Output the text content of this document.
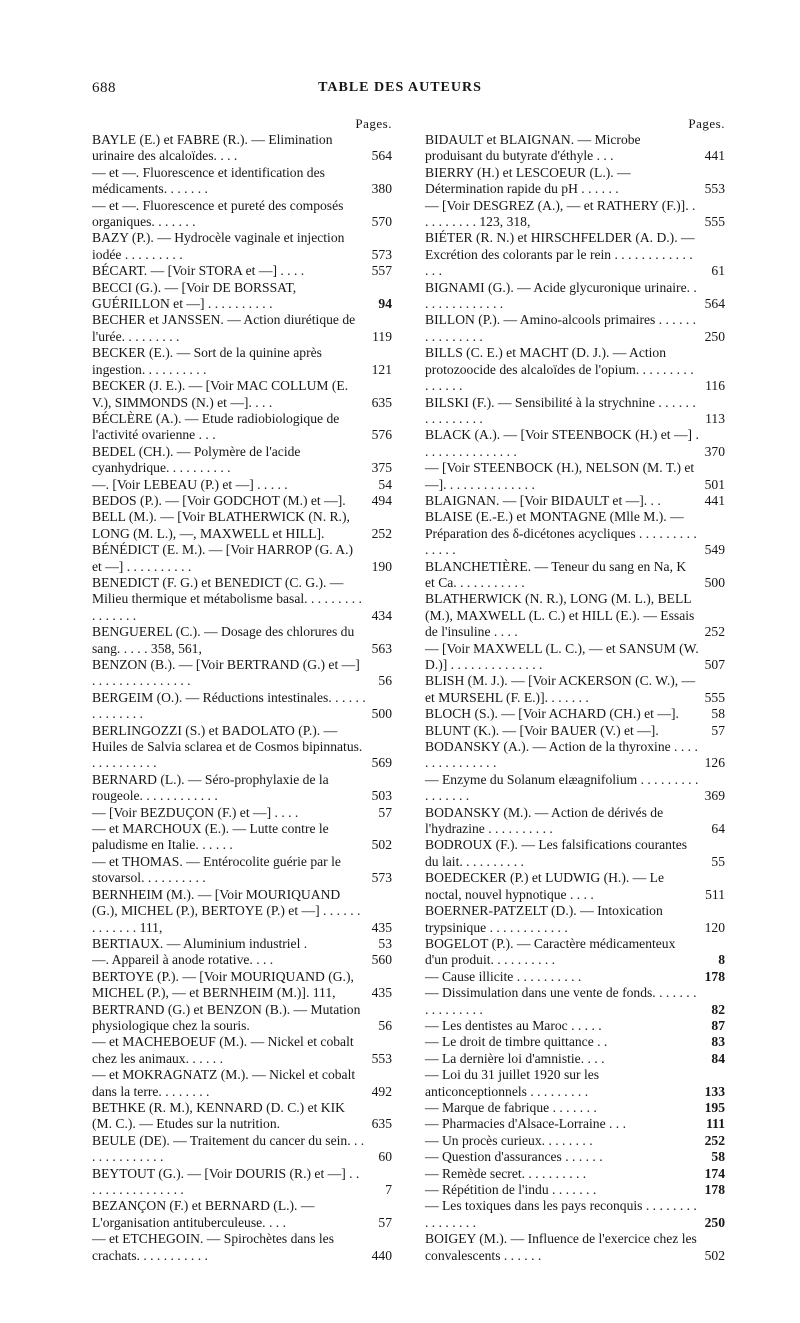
688	TABLE DES AUTEURS
Pages.
BAYLE (E.) et FABRE (R.). — Elimination urinaire des alcaloïdes. . . .	564
— et —. Fluorescence et identification des médicaments. . . . . . .	380
— et —. Fluorescence et pureté des composés organiques. . . . . . .	570
BAZY (P.). — Hydrocèle vaginale et injection iodée . . . . . . . . .	573
BÉCART. — [Voir STORA et —] . . . .	557
BECCI (G.). — [Voir DE BORSSAT, GUÉRILLON et —] . . . . . . . . . .	94
BECHER et JANSSEN. — Action diurétique de l'urée. . . . . . . . .	119
BECKER (E.). — Sort de la quinine après ingestion. . . . . . . . . .	121
BECKER (J. E.). — [Voir MAC COLLUM (E. V.), SIMMONDS (N.) et —]. . . .	635
BÉCLÈRE (A.). — Etude radiobiologique de l'activité ovarienne . . .	576
BEDEL (CH.). — Polymère de l'acide cyanhydrique. . . . . . . . . .	375
—. [Voir LEBEAU (P.) et —] . . . . .	54
BEDOS (P.). — [Voir GODCHOT (M.) et —].	494
BELL (M.). — [Voir BLATHERWICK (N. R.), LONG (M. L.), —, MAXWELL et HILL].	252
BÉNÉDICT (E. M.). — [Voir HARROP (G. A.) et —] . . . . . . . . . .	190
BENEDICT (F. G.) et BENEDICT (C. G.). — Milieu thermique et métabolisme basal. . . . . . . . . . . . . . . .	434
BENGUEREL (C.). — Dosage des chlorures du sang. . . . . 358, 561,	563
BENZON (B.). — [Voir BERTRAND (G.) et —] . . . . . . . . . . . . . . .	56
BERGEIM (O.). — Réductions intestinales. . . . . . . . . . . . . .	500
BERLINGOZZI (S.) et BADOLATO (P.). — Huiles de Salvia sclarea et de Cosmos bipinnatus. . . . . . . . . . .	569
BERNARD (L.). — Séro-prophylaxie de la rougeole. . . . . . . . . . . .	503
— [Voir BEZDUÇON (F.) et —] . . . .	57
— et MARCHOUX (E.). — Lutte contre le paludisme en Italie. . . . . .	502
— et THOMAS. — Entérocolite guérie par le stovarsol. . . . . . . . . .	573
BERNHEIM (M.). — [Voir MOURIQUAND (G.), MICHEL (P.), BERTOYE (P.) et —] . . . . . . . . . . . . . 111,	435
BERTIAUX. — Aluminium industriel .	53
—. Appareil à anode rotative. . . .	560
BERTOYE (P.). — [Voir MOURIQUAND (G.), MICHEL (P.), — et BERNHEIM (M.)]. 111,	435
BERTRAND (G.) et BENZON (B.). — Mutation physiologique chez la souris.	56
— et MACHEBOEUF (M.). — Nickel et cobalt chez les animaux. . . . . .	553
— et MOKRAGNATZ (M.). — Nickel et cobalt dans la terre. . . . . . . .	492
BETHKE (R. M.), KENNARD (D. C.) et KIK (M. C.). — Etudes sur la nutrition.	635
BEULE (DE). — Traitement du cancer du sein. . . . . . . . . . . . . .	60
BEYTOUT (G.). — [Voir DOURIS (R.) et —] . . . . . . . . . . . . . . . .	7
BEZANÇON (F.) et BERNARD (L.). — L'organisation antituberculeuse. . . .	57
— et ETCHEGOIN. — Spirochètes dans les crachats. . . . . . . . . . .	440
Pages.
BIDAULT et BLAIGNAN. — Microbe produisant du butyrate d'éthyle . . .	441
BIERRY (H.) et LESCOEUR (L.). — Détermination rapide du pH . . . . . .	553
— [Voir DESGREZ (A.), — et RATHERY (F.)]. . . . . . . . . . 123, 318,	555
BIÉTER (R. N.) et HIRSCHFELDER (A. D.). — Excrétion des colorants par le rein . . . . . . . . . . . . . . .	61
BIGNAMI (G.). — Acide glycuronique urinaire. . . . . . . . . . . . . .	564
BILLON (P.). — Amino-alcools primaires . . . . . . . . . . . . . . .	250
BILLS (C. E.) et MACHT (D. J.). — Action protozoocide des alcaloïdes de l'opium. . . . . . . . . . . . . . .	116
BILSKI (F.). — Sensibilité à la strychnine . . . . . . . . . . . . . . .	113
BLACK (A.). — [Voir STEENBOCK (H.) et —] . . . . . . . . . . . . . . .	370
— [Voir STEENBOCK (H.), NELSON (M. T.) et —]. . . . . . . . . . . . . .	501
BLAIGNAN. — [Voir BIDAULT et —]. . .	441
BLAISE (E.-E.) et MONTAGNE (Mlle M.). — Préparation des δ-dicétones acycliques . . . . . . . . . . . . . .	549
BLANCHETIÈRE. — Teneur du sang en Na, K et Ca. . . . . . . . . . .	500
BLATHERWICK (N. R.), LONG (M. L.), BELL (M.), MAXWELL (L. C.) et HILL (E.). — Essais de l'insuline . . . .	252
— [Voir MAXWELL (L. C.), — et SANSUM (W. D.)] . . . . . . . . . . . . . .	507
BLISH (M. J.). — [Voir ACKERSON (C. W.), — et MURSEHL (F. E.)]. . . . . . .	555
BLOCH (S.). — [Voir ACHARD (CH.) et —].	58
BLUNT (K.). — [Voir BAUER (V.) et —].	57
BODANSKY (A.). — Action de la thyroxine . . . . . . . . . . . . . . .	126
— Enzyme du Solanum elæagnifolium . . . . . . . . . . . . . . . .	369
BODANSKY (M.). — Action de dérivés de l'hydrazine . . . . . . . . . .	64
BODROUX (F.). — Les falsifications courantes du lait. . . . . . . . . .	55
BOEDECKER (P.) et LUDWIG (H.). — Le noctal, nouvel hypnotique . . . .	511
BOERNER-PATZELT (D.). — Intoxication trypsinique . . . . . . . . . . . .	120
BOGELOT (P.). — Caractère médicamenteux d'un produit. . . . . . . . . .	8
— Cause illicite . . . . . . . . . .	178
— Dissimulation dans une vente de fonds. . . . . . . . . . . . . . . .	82
— Les dentistes au Maroc . . . . .	87
— Le droit de timbre quittance . .	83
— La dernière loi d'amnistie. . . .	84
— Loi du 31 juillet 1920 sur les anticonceptionnels . . . . . . . . .	133
— Marque de fabrique . . . . . . .	195
— Pharmacies d'Alsace-Lorraine . . .	111
— Un procès curieux. . . . . . . .	252
— Question d'assurances . . . . . .	58
— Remède secret. . . . . . . . . .	174
— Répétition de l'indu . . . . . . .	178
— Les toxiques dans les pays reconquis . . . . . . . . . . . . . . . .	250
BOIGEY (M.). — Influence de l'exercice chez les convalescents . . . . . .	502
